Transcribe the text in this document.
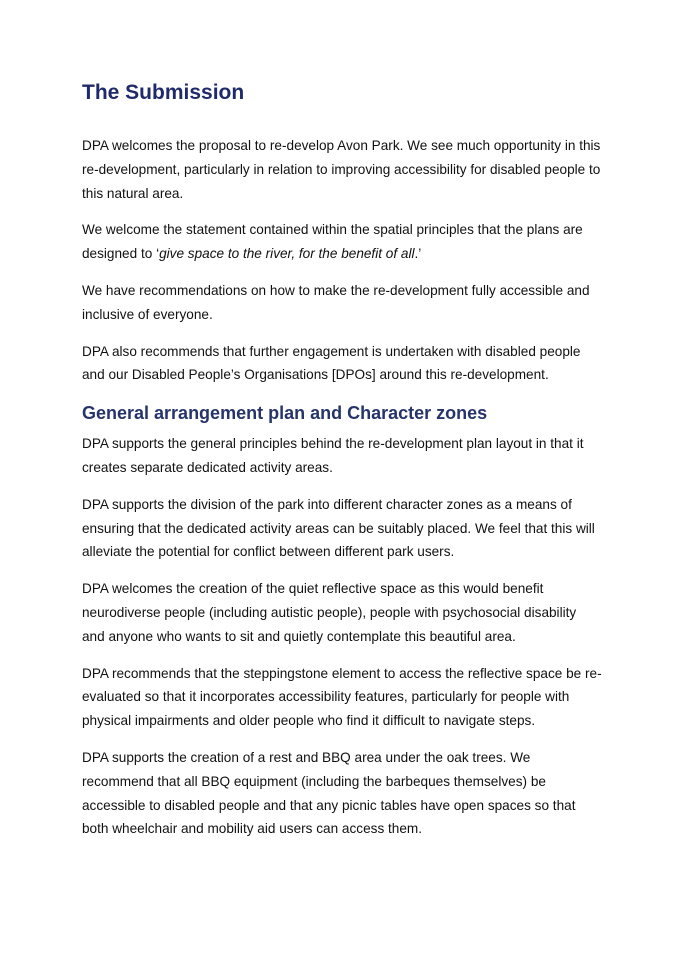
The Submission

DPA welcomes the proposal to re-develop Avon Park. We see much opportunity in this re-development, particularly in relation to improving accessibility for disabled people to this natural area.

We welcome the statement contained within the spatial principles that the plans are designed to ‘give space to the river, for the benefit of all.’

We have recommendations on how to make the re-development fully accessible and inclusive of everyone.

DPA also recommends that further engagement is undertaken with disabled people and our Disabled People’s Organisations [DPOs] around this re-development.

General arrangement plan and Character zones

DPA supports the general principles behind the re-development plan layout in that it creates separate dedicated activity areas.

DPA supports the division of the park into different character zones as a means of ensuring that the dedicated activity areas can be suitably placed. We feel that this will alleviate the potential for conflict between different park users.

DPA welcomes the creation of the quiet reflective space as this would benefit neurodiverse people (including autistic people), people with psychosocial disability and anyone who wants to sit and quietly contemplate this beautiful area.

DPA recommends that the steppingstone element to access the reflective space be re-evaluated so that it incorporates accessibility features, particularly for people with physical impairments and older people who find it difficult to navigate steps.

DPA supports the creation of a rest and BBQ area under the oak trees. We recommend that all BBQ equipment (including the barbeques themselves) be accessible to disabled people and that any picnic tables have open spaces so that both wheelchair and mobility aid users can access them.
